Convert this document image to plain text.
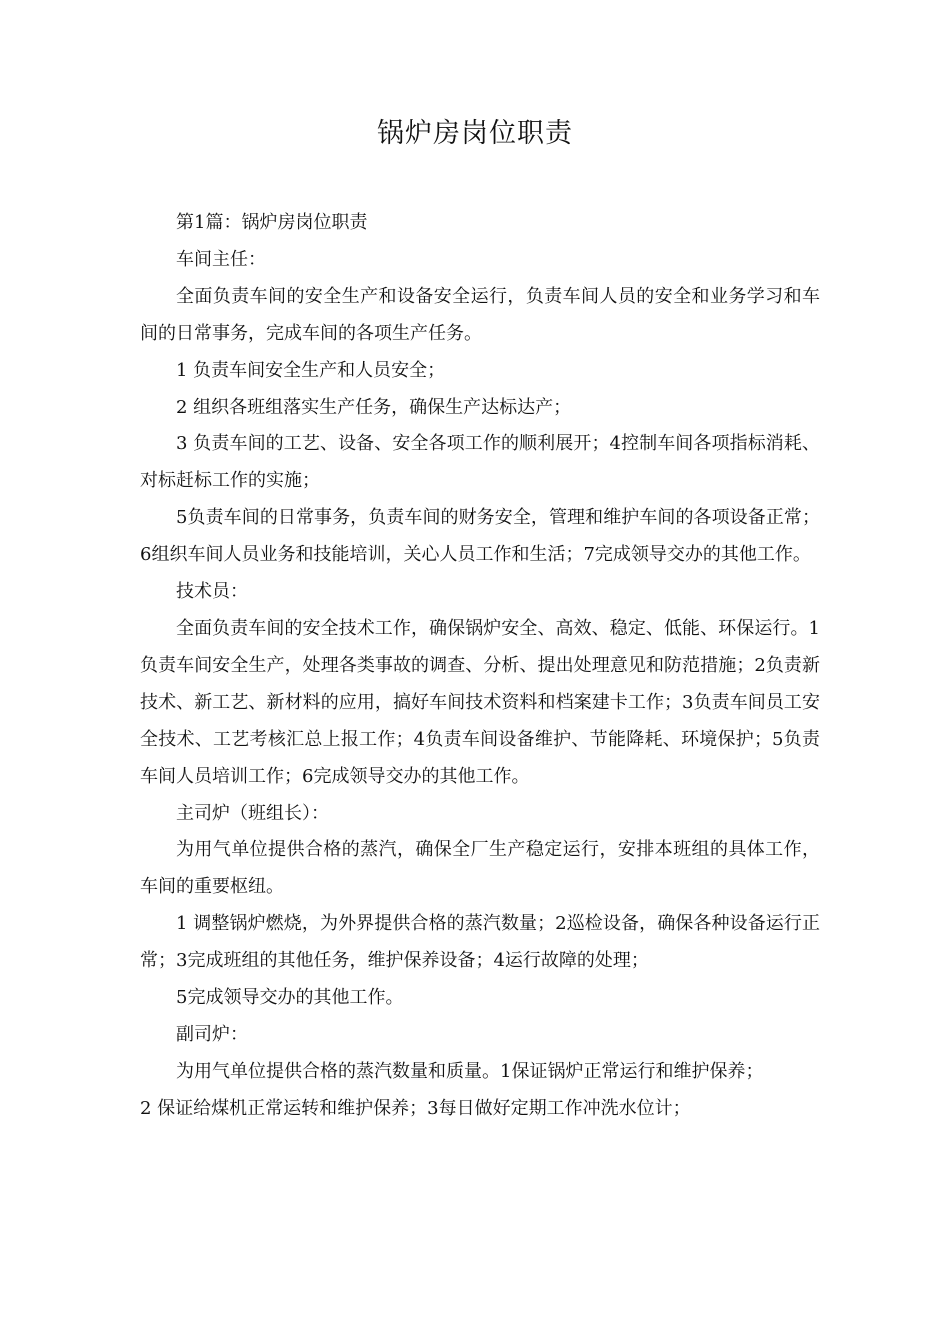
锅炉房岗位职责

第1篇：锅炉房岗位职责

车间主任：

全面负责车间的安全生产和设备安全运行，负责车间人员的安全和业务学习和车间的日常事务，完成车间的各项生产任务。

1 负责车间安全生产和人员安全；

2 组织各班组落实生产任务，确保生产达标达产；

3 负责车间的工艺、设备、安全各项工作的顺利展开；4控制车间各项指标消耗、对标赶标工作的实施；

5负责车间的日常事务，负责车间的财务安全，管理和维护车间的各项设备正常；6组织车间人员业务和技能培训，关心人员工作和生活；7完成领导交办的其他工作。

技术员：

全面负责车间的安全技术工作，确保锅炉安全、高效、稳定、低能、环保运行。1负责车间安全生产，处理各类事故的调查、分析、提出处理意见和防范措施；2负责新技术、新工艺、新材料的应用，搞好车间技术资料和档案建卡工作；3负责车间员工安全技术、工艺考核汇总上报工作；4负责车间设备维护、节能降耗、环境保护；5负责车间人员培训工作；6完成领导交办的其他工作。

主司炉（班组长）：

为用气单位提供合格的蒸汽，确保全厂生产稳定运行，安排本班组的具体工作，车间的重要枢纽。

1 调整锅炉燃烧，为外界提供合格的蒸汽数量；2巡检设备，确保各种设备运行正常；3完成班组的其他任务，维护保养设备；4运行故障的处理；

5完成领导交办的其他工作。

副司炉：

为用气单位提供合格的蒸汽数量和质量。1保证锅炉正常运行和维护保养；

2 保证给煤机正常运转和维护保养；3每日做好定期工作冲洗水位计；
